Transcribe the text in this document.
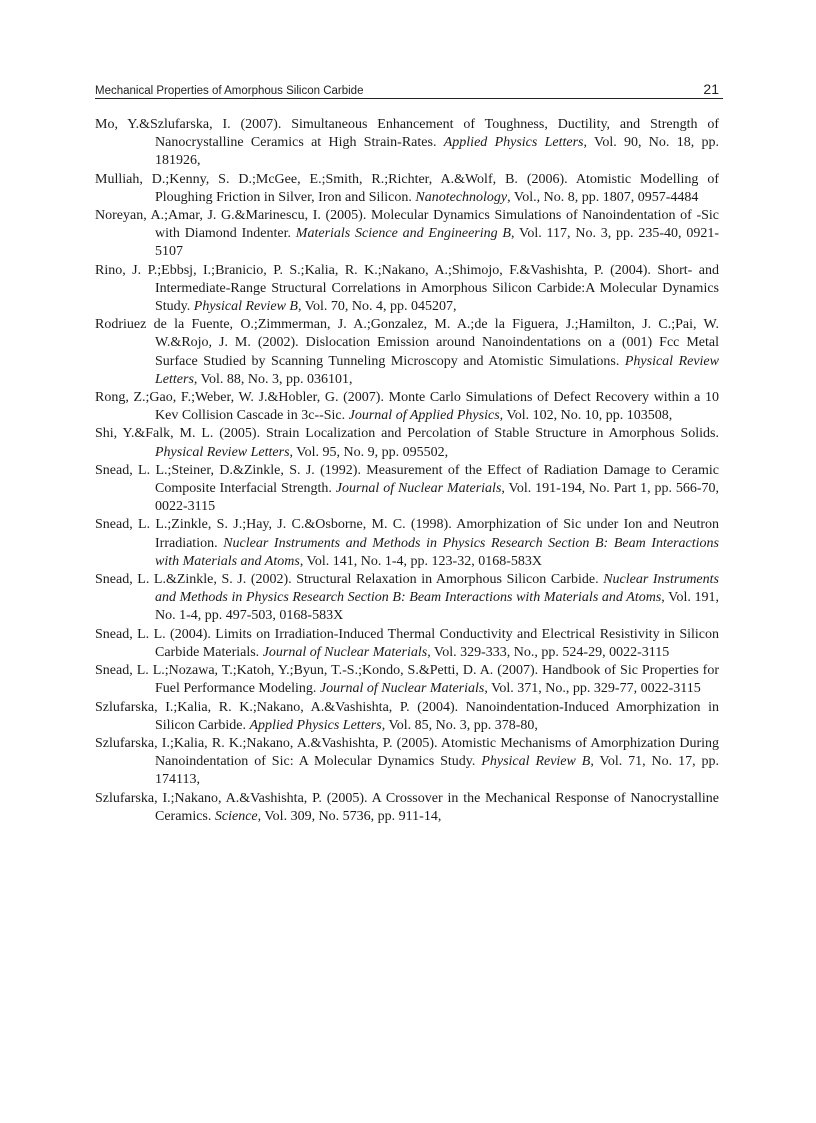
Mechanical Properties of Amorphous Silicon Carbide	21
Mo, Y.&Szlufarska, I. (2007). Simultaneous Enhancement of Toughness, Ductility, and Strength of Nanocrystalline Ceramics at High Strain-Rates. Applied Physics Letters, Vol. 90, No. 18, pp. 181926,
Mulliah, D.;Kenny, S. D.;McGee, E.;Smith, R.;Richter, A.&Wolf, B. (2006). Atomistic Modelling of Ploughing Friction in Silver, Iron and Silicon. Nanotechnology, Vol., No. 8, pp. 1807, 0957-4484
Noreyan, A.;Amar, J. G.&Marinescu, I. (2005). Molecular Dynamics Simulations of Nanoindentation of -Sic with Diamond Indenter. Materials Science and Engineering B, Vol. 117, No. 3, pp. 235-40, 0921-5107
Rino, J. P.;Ebbsj, I.;Branicio, P. S.;Kalia, R. K.;Nakano, A.;Shimojo, F.&Vashishta, P. (2004). Short- and Intermediate-Range Structural Correlations in Amorphous Silicon Carbide:A Molecular Dynamics Study. Physical Review B, Vol. 70, No. 4, pp. 045207,
Rodriuez de la Fuente, O.;Zimmerman, J. A.;Gonzalez, M. A.;de la Figuera, J.;Hamilton, J. C.;Pai, W. W.&Rojo, J. M. (2002). Dislocation Emission around Nanoindentations on a (001) Fcc Metal Surface Studied by Scanning Tunneling Microscopy and Atomistic Simulations. Physical Review Letters, Vol. 88, No. 3, pp. 036101,
Rong, Z.;Gao, F.;Weber, W. J.&Hobler, G. (2007). Monte Carlo Simulations of Defect Recovery within a 10 Kev Collision Cascade in 3c--Sic. Journal of Applied Physics, Vol. 102, No. 10, pp. 103508,
Shi, Y.&Falk, M. L. (2005). Strain Localization and Percolation of Stable Structure in Amorphous Solids. Physical Review Letters, Vol. 95, No. 9, pp. 095502,
Snead, L. L.;Steiner, D.&Zinkle, S. J. (1992). Measurement of the Effect of Radiation Damage to Ceramic Composite Interfacial Strength. Journal of Nuclear Materials, Vol. 191-194, No. Part 1, pp. 566-70, 0022-3115
Snead, L. L.;Zinkle, S. J.;Hay, J. C.&Osborne, M. C. (1998). Amorphization of Sic under Ion and Neutron Irradiation. Nuclear Instruments and Methods in Physics Research Section B: Beam Interactions with Materials and Atoms, Vol. 141, No. 1-4, pp. 123-32, 0168-583X
Snead, L. L.&Zinkle, S. J. (2002). Structural Relaxation in Amorphous Silicon Carbide. Nuclear Instruments and Methods in Physics Research Section B: Beam Interactions with Materials and Atoms, Vol. 191, No. 1-4, pp. 497-503, 0168-583X
Snead, L. L. (2004). Limits on Irradiation-Induced Thermal Conductivity and Electrical Resistivity in Silicon Carbide Materials. Journal of Nuclear Materials, Vol. 329-333, No., pp. 524-29, 0022-3115
Snead, L. L.;Nozawa, T.;Katoh, Y.;Byun, T.-S.;Kondo, S.&Petti, D. A. (2007). Handbook of Sic Properties for Fuel Performance Modeling. Journal of Nuclear Materials, Vol. 371, No., pp. 329-77, 0022-3115
Szlufarska, I.;Kalia, R. K.;Nakano, A.&Vashishta, P. (2004). Nanoindentation-Induced Amorphization in Silicon Carbide. Applied Physics Letters, Vol. 85, No. 3, pp. 378-80,
Szlufarska, I.;Kalia, R. K.;Nakano, A.&Vashishta, P. (2005). Atomistic Mechanisms of Amorphization During Nanoindentation of Sic: A Molecular Dynamics Study. Physical Review B, Vol. 71, No. 17, pp. 174113,
Szlufarska, I.;Nakano, A.&Vashishta, P. (2005). A Crossover in the Mechanical Response of Nanocrystalline Ceramics. Science, Vol. 309, No. 5736, pp. 911-14,
